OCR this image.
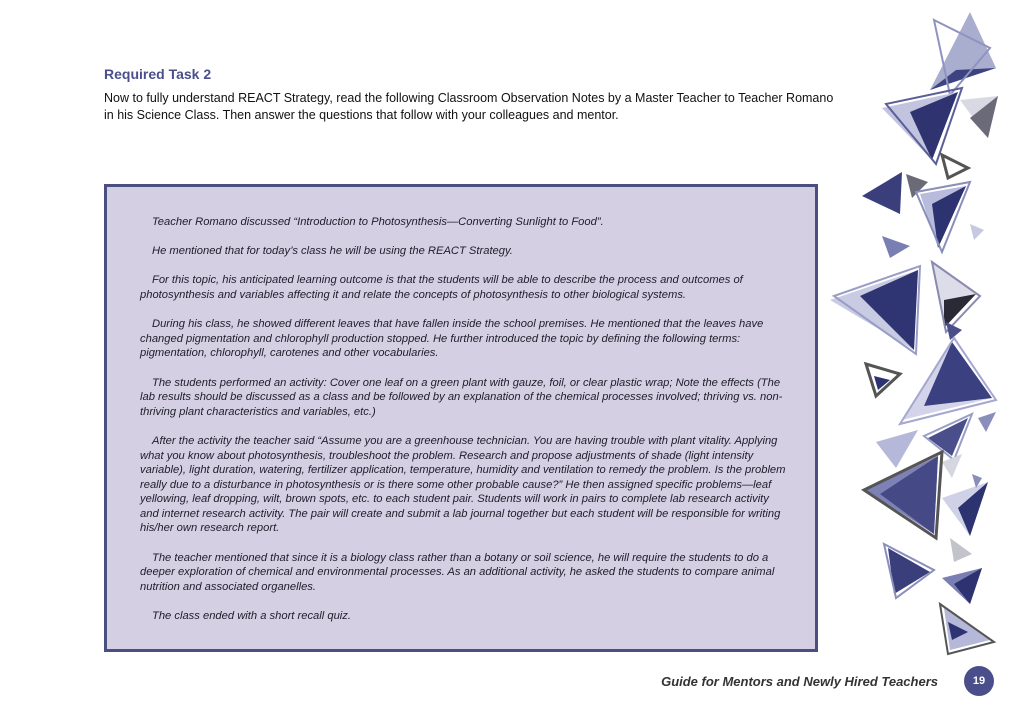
Required Task 2
Now to fully understand REACT Strategy, read the following Classroom Observation Notes by a Master Teacher to Teacher Romano in his Science Class. Then answer the questions that follow with your colleagues and mentor.

Teacher Romano discussed “Introduction to Photosynthesis—Converting Sunlight to Food”.

He mentioned that for today’s class he will be using the REACT Strategy.

For this topic, his anticipated learning outcome is that the students will be able to describe the process and outcomes of photosynthesis and variables affecting it and relate the concepts of photosynthesis to other biological systems.

During his class, he showed different leaves that have fallen inside the school premises. He mentioned that the leaves have changed pigmentation and chlorophyll production stopped. He further introduced the topic by defining the following terms: pigmentation, chlorophyll, carotenes and other vocabularies.

The students performed an activity: Cover one leaf on a green plant with gauze, foil, or clear plastic wrap; Note the effects (The lab results should be discussed as a class and be followed by an explanation of the chemical processes involved; thriving vs. non-thriving plant characteristics and variables, etc.)

After the activity the teacher said “Assume you are a greenhouse technician. You are having trouble with plant vitality. Applying what you know about photosynthesis, troubleshoot the problem. Research and propose adjustments of shade (light intensity variable), light duration, watering, fertilizer application, temperature, humidity and ventilation to remedy the problem. Is the problem really due to a disturbance in photosynthesis or is there some other probable cause?” He then assigned specific problems—leaf yellowing, leaf dropping, wilt, brown spots, etc. to each student pair. Students will work in pairs to complete lab research activity and internet research activity. The pair will create and submit a lab journal together but each student will be responsible for writing his/her own research report.

The teacher mentioned that since it is a biology class rather than a botany or soil science, he will require the students to do a deeper exploration of chemical and environmental processes. As an additional activity, he asked the students to compare animal nutrition and associated organelles.

The class ended with a short recall quiz.

Guide for Mentors and Newly Hired Teachers	19
